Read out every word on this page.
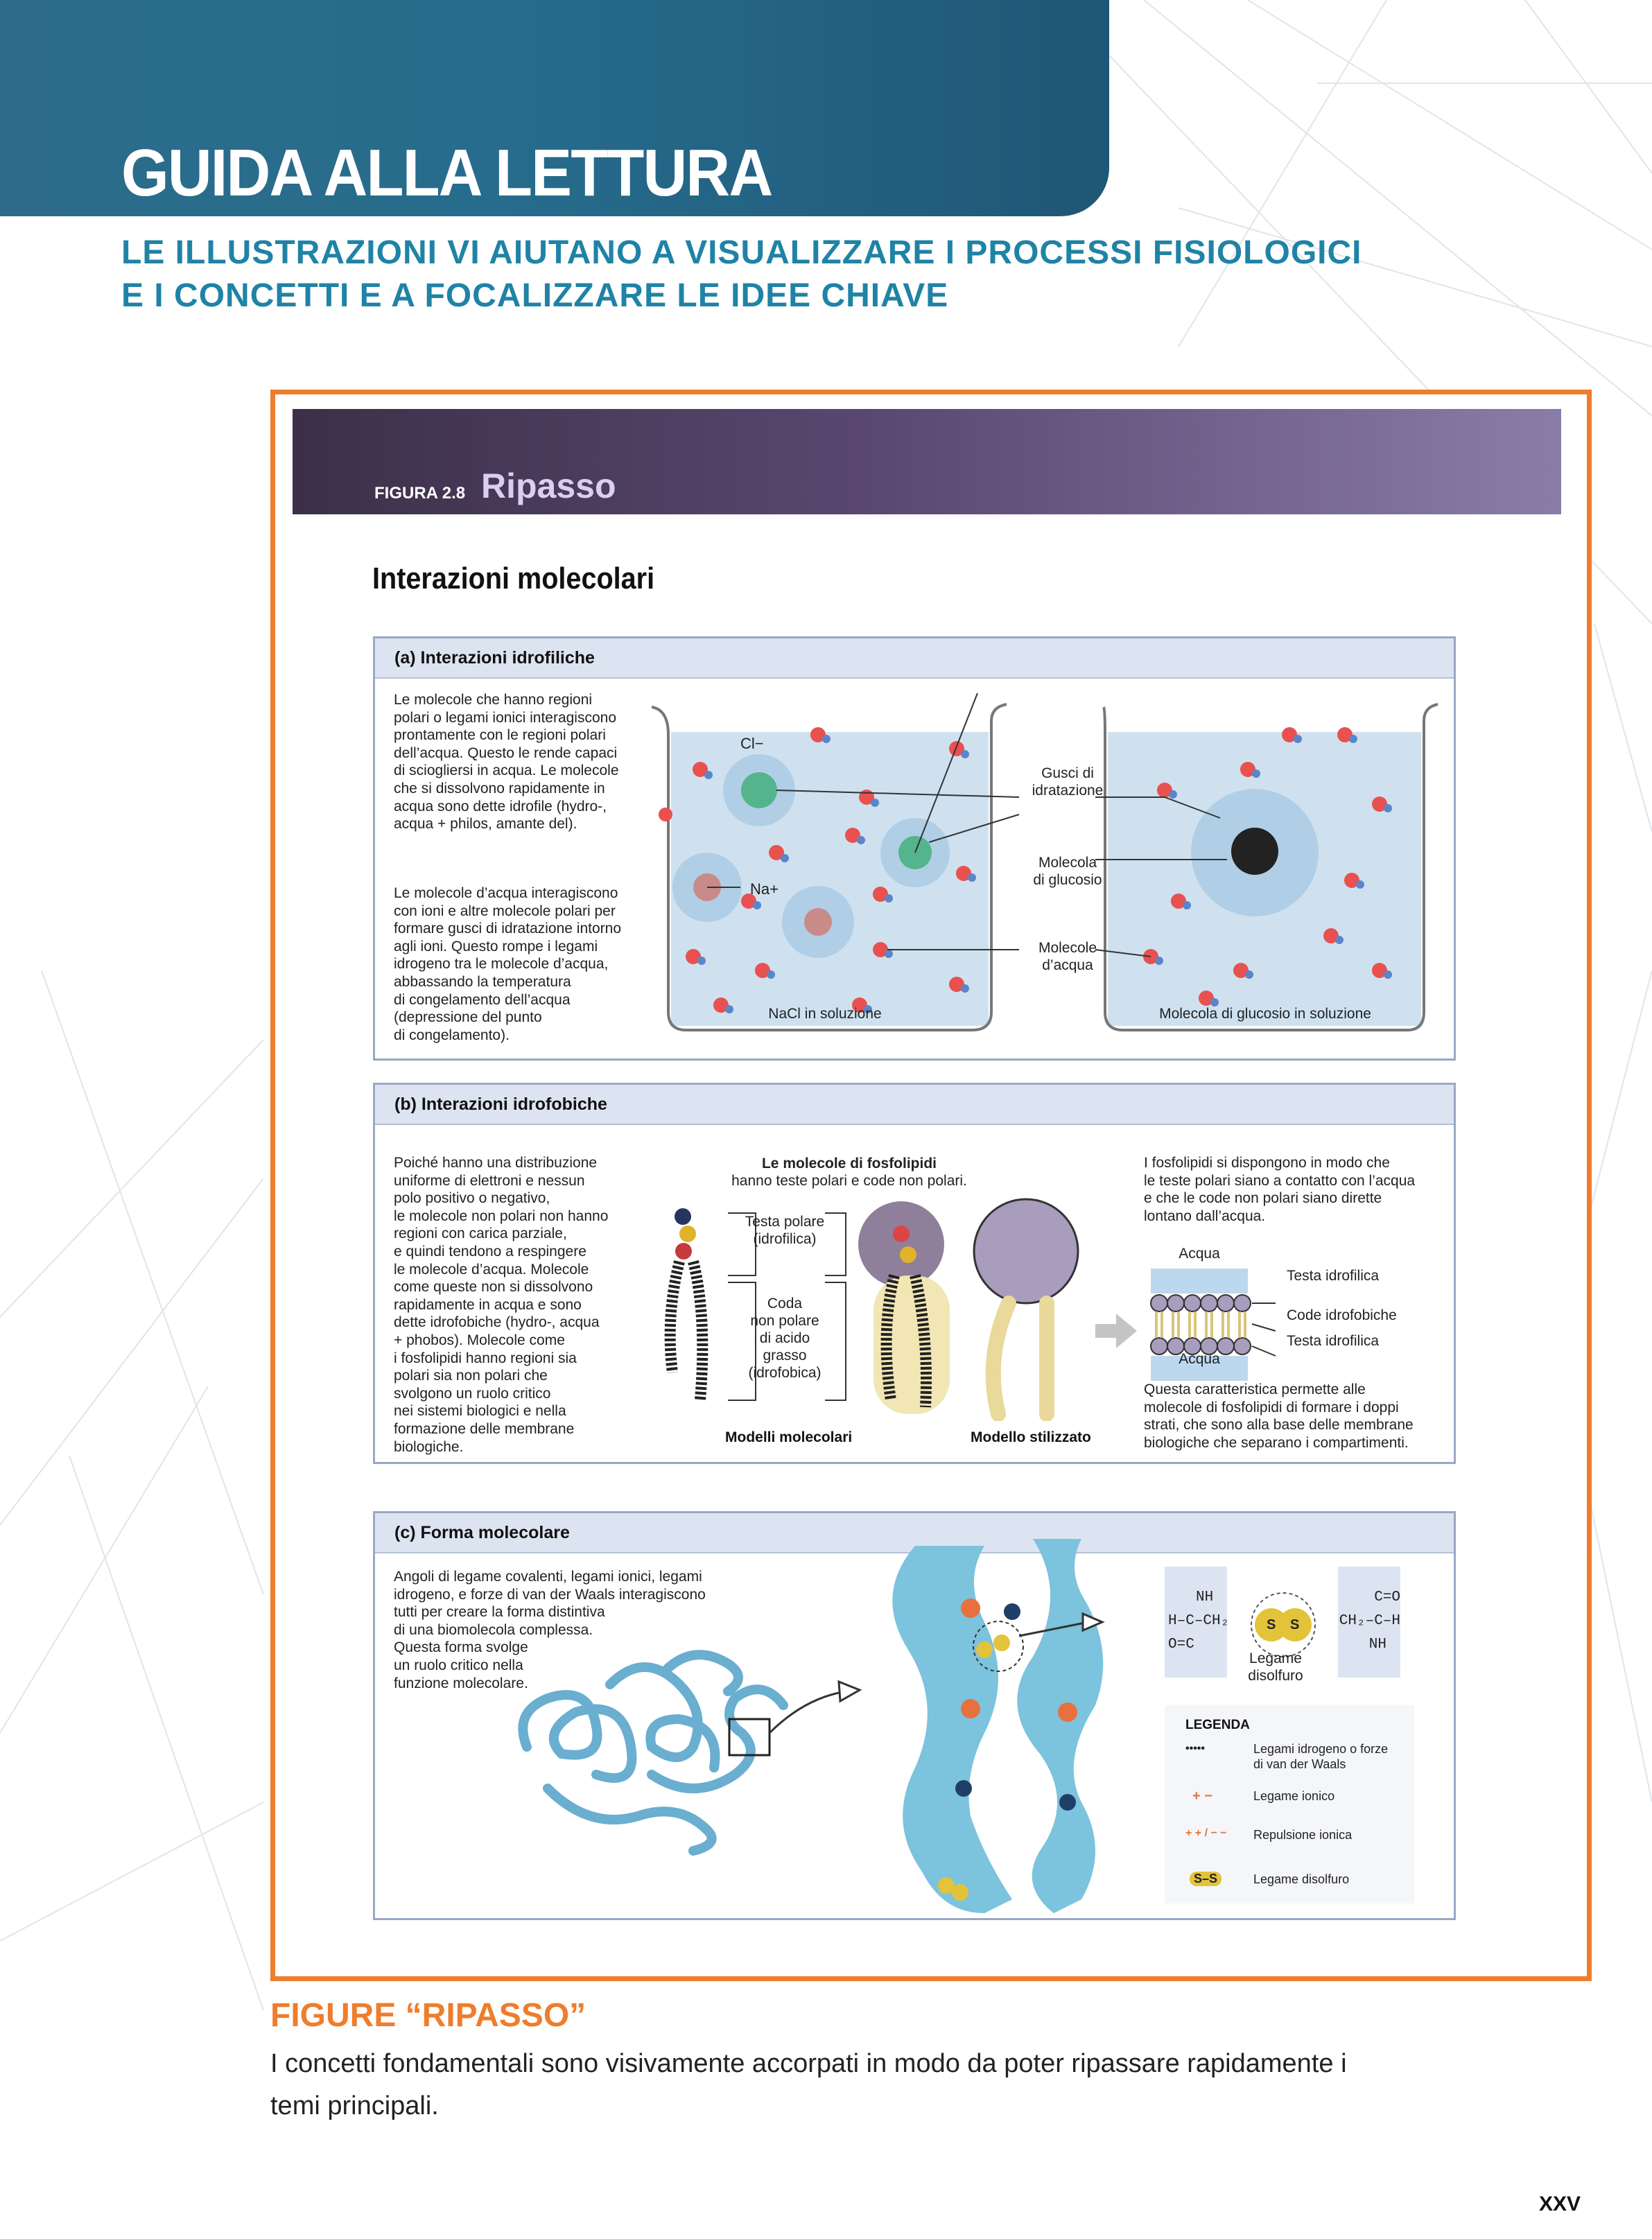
GUIDA ALLA LETTURA
LE ILLUSTRAZIONI VI AIUTANO A VISUALIZZARE I PROCESSI FISIOLOGICI
E I CONCETTI E A FOCALIZZARE LE IDEE CHIAVE
FIGURA 2.8 Ripasso
Interazioni molecolari
(a) Interazioni idrofiliche
Le molecole che hanno regioni
polari o legami ionici interagiscono
prontamente con le regioni polari
dell’acqua. Questo le rende capaci
di sciogliersi in acqua. Le molecole
che si dissolvono rapidamente in
acqua sono dette idrofile (hydro-,
acqua + philos, amante del).
Le molecole d’acqua interagiscono
con ioni e altre molecole polari per
formare gusci di idratazione intorno
agli ioni. Questo rompe i legami
idrogeno tra le molecole d’acqua,
abbassando la temperatura
di congelamento dell’acqua
(depressione del punto
di congelamento).
Cl−
Na+
Gusci di
idratazione
Molecola
di glucosio
Molecole
d’acqua
NaCl in soluzione	Molecola di glucosio in soluzione
(b) Interazioni idrofobiche
Poiché hanno una distribuzione
uniforme di elettroni e nessun
polo positivo o negativo,
le molecole non polari non hanno
regioni con carica parziale,
e quindi tendono a respingere
le molecole d’acqua. Molecole
come queste non si dissolvono
rapidamente in acqua e sono
dette idrofobiche (hydro-, acqua
+ phobos). Molecole come
i fosfolipidi hanno regioni sia
polari sia non polari che
svolgono un ruolo critico
nei sistemi biologici e nella
formazione delle membrane
biologiche.
Le molecole di fosfolipidi
hanno teste polari e code non polari.
Testa polare
(idrofilica)
Coda
non polare
di acido
grasso
(idrofobica)
Modelli molecolari	Modello stilizzato
I fosfolipidi si dispongono in modo che
le teste polari siano a contatto con l’acqua
e che le code non polari siano dirette
lontano dall’acqua.
Acqua
Acqua
Testa idrofilica
Code idrofobiche
Testa idrofilica
Questa caratteristica permette alle
molecole di fosfolipidi di formare i doppi
strati, che sono alla base delle membrane
biologiche che separano i compartimenti.
(c) Forma molecolare
Angoli di legame covalenti, legami ionici, legami
idrogeno, e forze di van der Waals interagiscono
tutti per creare la forma distintiva
di una biomolecola complessa.
Questa forma svolge
un ruolo critico nella
funzione molecolare.
NH
H–C–CH₂
O=C
C=O
CH₂–C–H
NH
S S
Legame
disolfuro
LEGENDA
•••••	Legami idrogeno o forze
di van der Waals
+ −	Legame ionico
+ + / − − Repulsione ionica
S–S	Legame disolfuro
FIGURE “RIPASSO”
I concetti fondamentali sono visivamente accorpati in modo da poter ripassare rapidamente i temi principali.
XXV
